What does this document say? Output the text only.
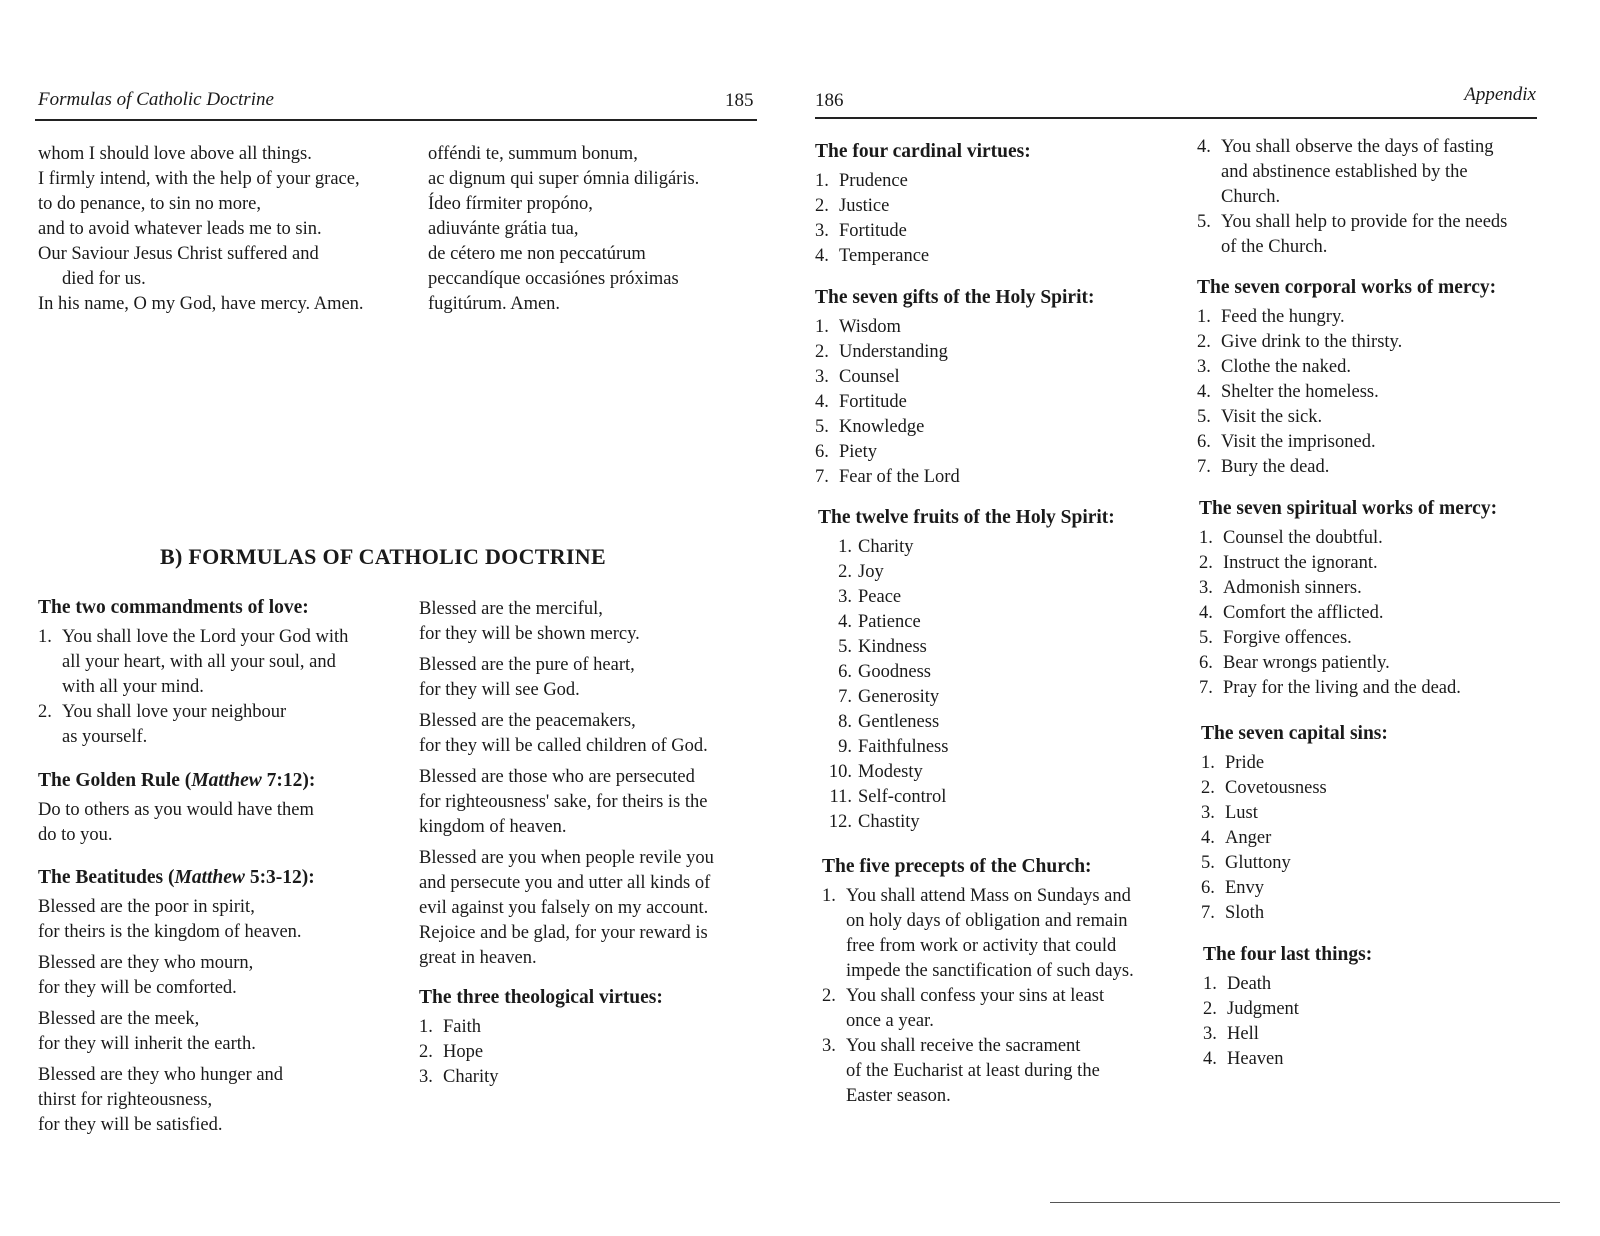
Formulas of Catholic Doctrine	185	186	Appendix
whom I should love above all things.
I firmly intend, with the help of your grace,
to do penance, to sin no more,
and to avoid whatever leads me to sin.
Our Saviour Jesus Christ suffered and
died for us.
In his name, O my God, have mercy. Amen.
offéndi te, summum bonum,
ac dignum qui super ómnia diligáris.
Ídeo fírmiter propóno,
adiuvánte grátia tua,
de cétero me non peccatúrum
peccandíque occasiónes próximas
fugitúrum. Amen.
B) FORMULAS OF CATHOLIC DOCTRINE
The two commandments of love:
1. You shall love the Lord your God with
all your heart, with all your soul, and
with all your mind.
2. You shall love your neighbour
as yourself.
The Golden Rule (Matthew 7:12):
Do to others as you would have them
do to you.
The Beatitudes (Matthew 5:3-12):
Blessed are the poor in spirit,
for theirs is the kingdom of heaven.
Blessed are they who mourn,
for they will be comforted.
Blessed are the meek,
for they will inherit the earth.
Blessed are they who hunger and
thirst for righteousness,
for they will be satisfied.
Blessed are the merciful,
for they will be shown mercy.
Blessed are the pure of heart,
for they will see God.
Blessed are the peacemakers,
for they will be called children of God.
Blessed are those who are persecuted
for righteousness' sake, for theirs is the
kingdom of heaven.
Blessed are you when people revile you
and persecute you and utter all kinds of
evil against you falsely on my account.
Rejoice and be glad, for your reward is
great in heaven.
The three theological virtues:
1. Faith
2. Hope
3. Charity
The four cardinal virtues:
1. Prudence
2. Justice
3. Fortitude
4. Temperance
The seven gifts of the Holy Spirit:
1. Wisdom
2. Understanding
3. Counsel
4. Fortitude
5. Knowledge
6. Piety
7. Fear of the Lord
The twelve fruits of the Holy Spirit:
1. Charity
2. Joy
3. Peace
4. Patience
5. Kindness
6. Goodness
7. Generosity
8. Gentleness
9. Faithfulness
10. Modesty
11. Self-control
12. Chastity
The five precepts of the Church:
1. You shall attend Mass on Sundays and
on holy days of obligation and remain
free from work or activity that could
impede the sanctification of such days.
2. You shall confess your sins at least
once a year.
3. You shall receive the sacrament
of the Eucharist at least during the
Easter season.
4. You shall observe the days of fasting
and abstinence established by the
Church.
5. You shall help to provide for the needs
of the Church.
The seven corporal works of mercy:
1. Feed the hungry.
2. Give drink to the thirsty.
3. Clothe the naked.
4. Shelter the homeless.
5. Visit the sick.
6. Visit the imprisoned.
7. Bury the dead.
The seven spiritual works of mercy:
1. Counsel the doubtful.
2. Instruct the ignorant.
3. Admonish sinners.
4. Comfort the afflicted.
5. Forgive offences.
6. Bear wrongs patiently.
7. Pray for the living and the dead.
The seven capital sins:
1. Pride
2. Covetousness
3. Lust
4. Anger
5. Gluttony
6. Envy
7. Sloth
The four last things:
1. Death
2. Judgment
3. Hell
4. Heaven
